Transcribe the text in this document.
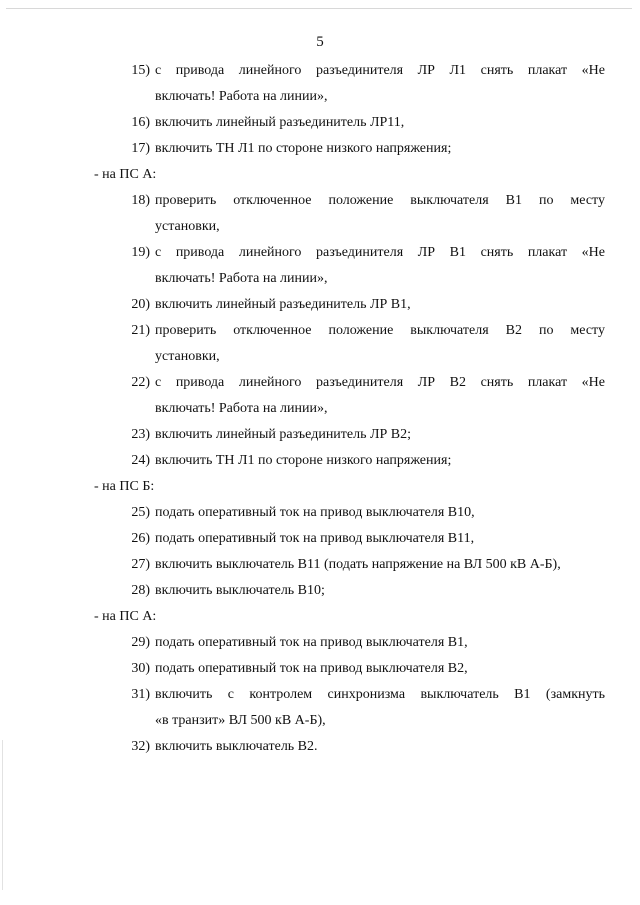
5
15) с привода линейного разъединителя ЛР Л1 снять плакат «Не
включать! Работа на линии»,
16) включить линейный разъединитель ЛР11,
17) включить ТН Л1 по стороне низкого напряжения;
- на ПС А:
18) проверить отключенное положение выключателя В1 по месту
установки,
19) с привода линейного разъединителя ЛР В1 снять плакат «Не
включать! Работа на линии»,
20) включить линейный разъединитель ЛР В1,
21) проверить отключенное положение выключателя В2 по месту
установки,
22) с привода линейного разъединителя ЛР В2 снять плакат «Не
включать! Работа на линии»,
23) включить линейный разъединитель ЛР В2;
24) включить ТН Л1 по стороне низкого напряжения;
- на ПС Б:
25) подать оперативный ток на привод выключателя В10,
26) подать оперативный ток на привод выключателя В11,
27) включить выключатель В11 (подать напряжение на ВЛ 500 кВ А-Б),
28) включить выключатель В10;
- на ПС А:
29) подать оперативный ток на привод выключателя В1,
30) подать оперативный ток на привод выключателя В2,
31) включить с контролем синхронизма выключатель В1 (замкнуть
«в транзит» ВЛ 500 кВ А-Б),
32) включить выключатель В2.
